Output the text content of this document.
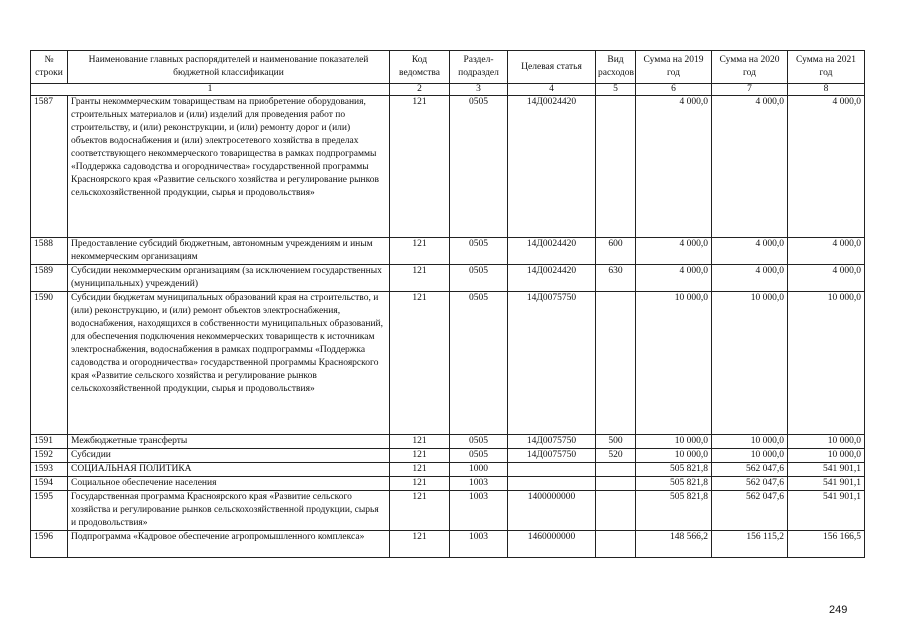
№ строки	Наименование главных распорядителей и наименование показателей бюджетной классификации	Код ведомства	Раздел-подраздел	Целевая статья	Вид расходов	Сумма на 2019 год	Сумма на 2020 год	Сумма на 2021 год
1		2	3	4	5	6	7	8
1587	Гранты некоммерческим товариществам на приобретение оборудования, строительных материалов и (или) изделий для проведения работ по строительству, и (или) реконструкции, и (или) ремонту дорог и (или) объектов водоснабжения и (или) электросетевого хозяйства в пределах соответствующего некоммерческого товарищества в рамках подпрограммы «Поддержка садоводства и огородничества» государственной программы Красноярского края «Развитие сельского хозяйства и регулирование рынков сельскохозяйственной продукции, сырья и продовольствия»	121	0505	14Д0024420		4 000,0	4 000,0	4 000,0
1588	Предоставление субсидий бюджетным, автономным учреждениям и иным некоммерческим организациям	121	0505	14Д0024420	600	4 000,0	4 000,0	4 000,0
1589	Субсидии некоммерческим организациям (за исключением государственных (муниципальных) учреждений)	121	0505	14Д0024420	630	4 000,0	4 000,0	4 000,0
1590	Субсидии бюджетам муниципальных образований края на строительство, и (или) реконструкцию, и (или) ремонт объектов электроснабжения, водоснабжения, находящихся в собственности муниципальных образований, для обеспечения подключения некоммерческих товариществ к источникам электроснабжения, водоснабжения в рамках подпрограммы «Поддержка садоводства и огородничества» государственной программы Красноярского края «Развитие сельского хозяйства и регулирование рынков сельскохозяйственной продукции, сырья и продовольствия»	121	0505	14Д0075750		10 000,0	10 000,0	10 000,0
1591	Межбюджетные трансферты	121	0505	14Д0075750	500	10 000,0	10 000,0	10 000,0
1592	Субсидии	121	0505	14Д0075750	520	10 000,0	10 000,0	10 000,0
1593	СОЦИАЛЬНАЯ ПОЛИТИКА	121	1000			505 821,8	562 047,6	541 901,1
1594	Социальное обеспечение населения	121	1003			505 821,8	562 047,6	541 901,1
1595	Государственная программа Красноярского края «Развитие сельского хозяйства и регулирование рынков сельскохозяйственной продукции, сырья и продовольствия»	121	1003	1400000000		505 821,8	562 047,6	541 901,1
1596	Подпрограмма «Кадровое обеспечение агропромышленного комплекса»	121	1003	1460000000		148 566,2	156 115,2	156 166,5
249
